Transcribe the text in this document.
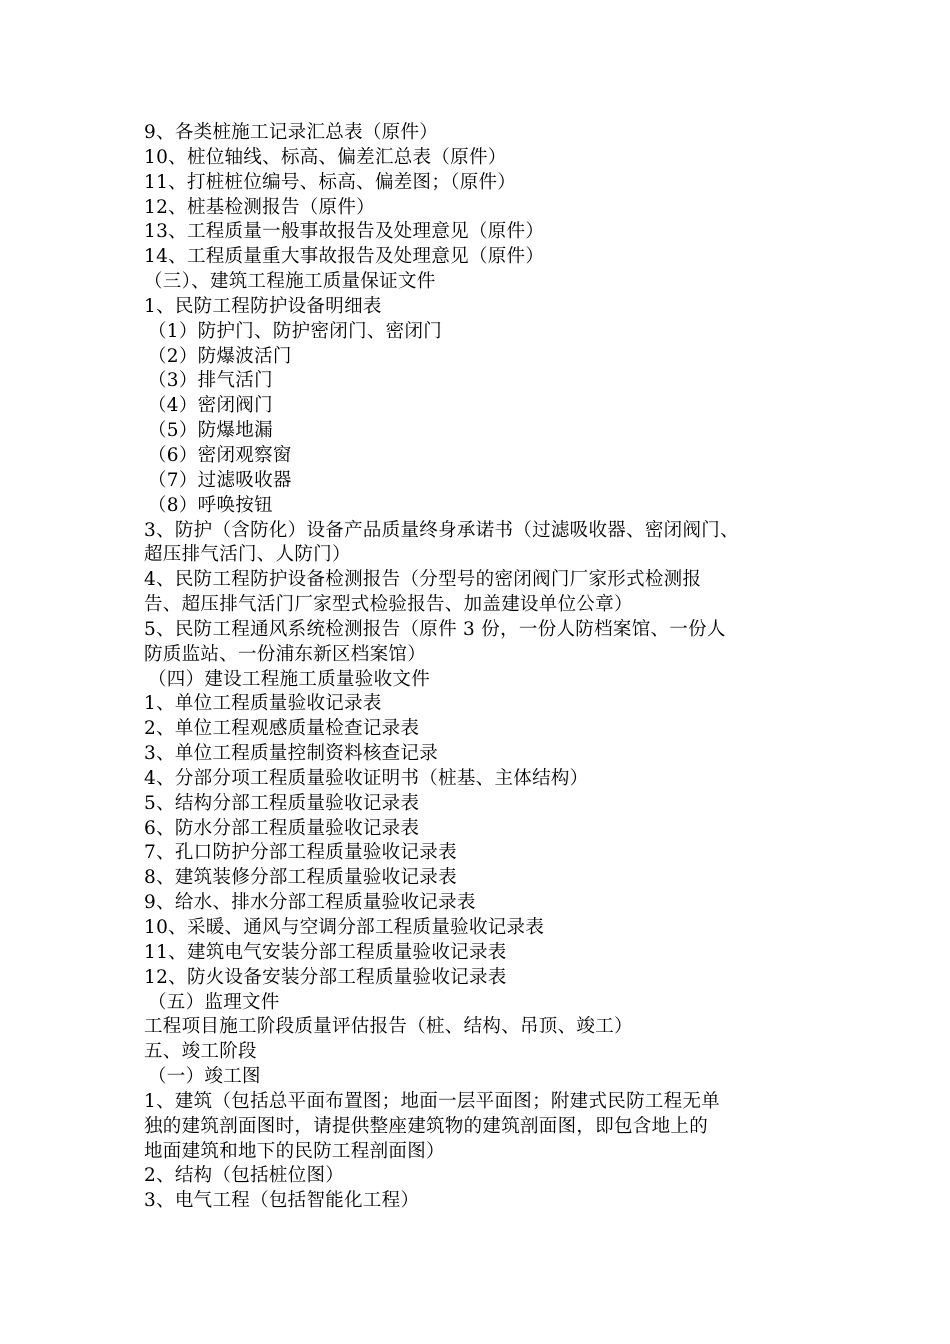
9、各类桩施工记录汇总表（原件）
10、桩位轴线、标高、偏差汇总表（原件）
11、打桩桩位编号、标高、偏差图；（原件）
12、桩基检测报告（原件）
13、工程质量一般事故报告及处理意见（原件）
14、工程质量重大事故报告及处理意见（原件）
（三）、建筑工程施工质量保证文件
1、民防工程防护设备明细表
（1）防护门、防护密闭门、密闭门
（2）防爆波活门
（3）排气活门
（4）密闭阀门
（5）防爆地漏
（6）密闭观察窗
（7）过滤吸收器
（8）呼唤按钮
3、防护（含防化）设备产品质量终身承诺书（过滤吸收器、密闭阀门、
超压排气活门、人防门）
4、民防工程防护设备检测报告（分型号的密闭阀门厂家形式检测报
告、超压排气活门厂家型式检验报告、加盖建设单位公章）
5、民防工程通风系统检测报告（原件 3 份，一份人防档案馆、一份人
防质监站、一份浦东新区档案馆）
（四）建设工程施工质量验收文件
1、单位工程质量验收记录表
2、单位工程观感质量检查记录表
3、单位工程质量控制资料核查记录
4、分部分项工程质量验收证明书（桩基、主体结构）
5、结构分部工程质量验收记录表
6、防水分部工程质量验收记录表
7、孔口防护分部工程质量验收记录表
8、建筑装修分部工程质量验收记录表
9、给水、排水分部工程质量验收记录表
10、采暖、通风与空调分部工程质量验收记录表
11、建筑电气安装分部工程质量验收记录表
12、防火设备安装分部工程质量验收记录表
（五）监理文件
工程项目施工阶段质量评估报告（桩、结构、吊顶、竣工）
五、竣工阶段
（一）竣工图
1、建筑（包括总平面布置图；地面一层平面图；附建式民防工程无单
独的建筑剖面图时，请提供整座建筑物的建筑剖面图，即包含地上的
地面建筑和地下的民防工程剖面图）
2、结构（包括桩位图）
3、电气工程（包括智能化工程）
